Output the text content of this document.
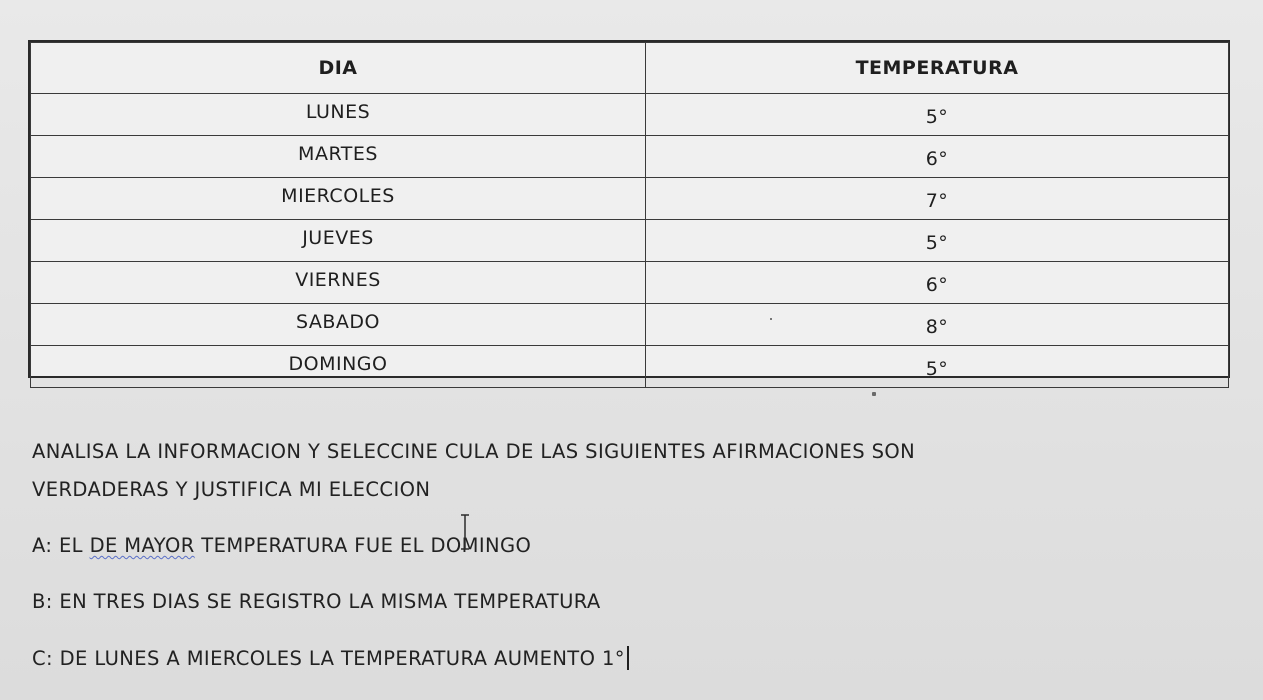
DIA	TEMPERATURA
LUNES	5°
MARTES	6°
MIERCOLES	7°
JUEVES	5°
VIERNES	6°
SABADO	8°
DOMINGO	5°
ANALISA LA INFORMACION Y SELECCINE CULA DE LAS SIGUIENTES AFIRMACIONES SON
VERDADERAS Y JUSTIFICA MI ELECCION
A: EL DE MAYOR TEMPERATURA FUE EL DOMINGO
B: EN TRES DIAS SE REGISTRO LA MISMA TEMPERATURA
C: DE LUNES A MIERCOLES LA TEMPERATURA AUMENTO 1°
